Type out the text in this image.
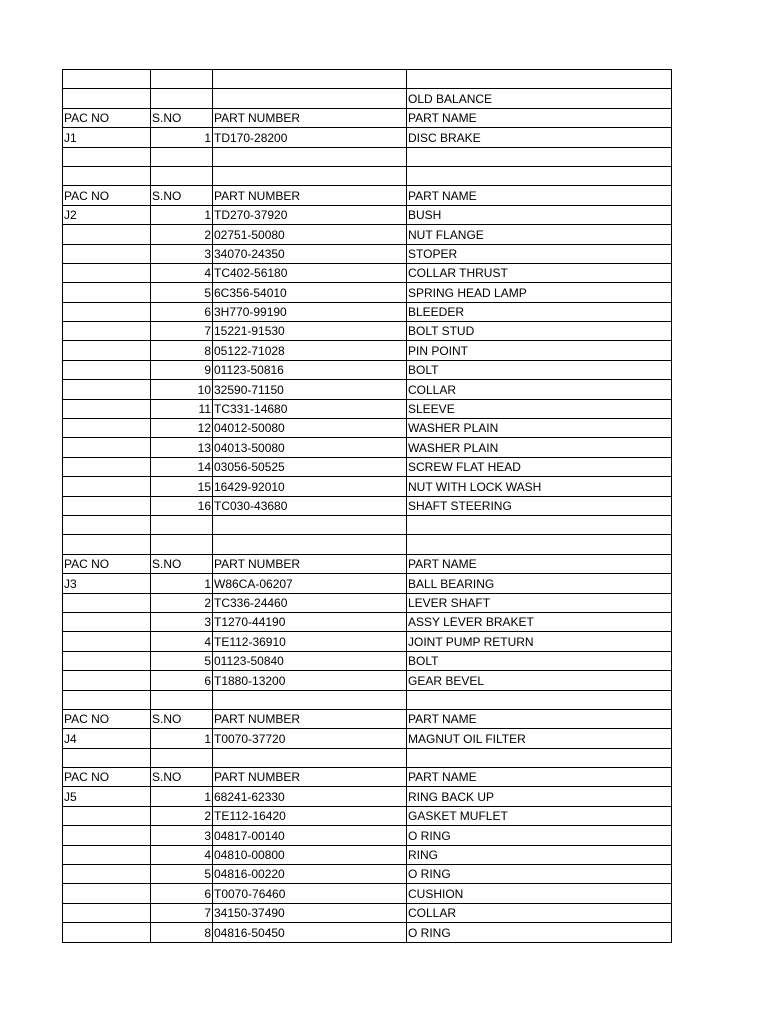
			OLD BALANCE
PAC NO	S.NO	PART NUMBER	PART NAME
J1	1	TD170-28200	DISC BRAKE

PAC NO	S.NO	PART NUMBER	PART NAME
J2	1	TD270-37920	BUSH
	2	02751-50080	NUT FLANGE
	3	34070-24350	STOPER
	4	TC402-56180	COLLAR THRUST
	5	6C356-54010	SPRING HEAD LAMP
	6	3H770-99190	BLEEDER
	7	15221-91530	BOLT STUD
	8	05122-71028	PIN POINT
	9	01123-50816	BOLT
	10	32590-71150	COLLAR
	11	TC331-14680	SLEEVE
	12	04012-50080	WASHER PLAIN
	13	04013-50080	WASHER PLAIN
	14	03056-50525	SCREW FLAT HEAD
	15	16429-92010	NUT WITH LOCK WASH
	16	TC030-43680	SHAFT STEERING

PAC NO	S.NO	PART NUMBER	PART NAME
J3	1	W86CA-06207	BALL BEARING
	2	TC336-24460	LEVER SHAFT
	3	T1270-44190	ASSY LEVER BRAKET
	4	TE112-36910	JOINT PUMP RETURN
	5	01123-50840	BOLT
	6	T1880-13200	GEAR BEVEL

PAC NO	S.NO	PART NUMBER	PART NAME
J4	1	T0070-37720	MAGNUT OIL FILTER

PAC NO	S.NO	PART NUMBER	PART NAME
J5	1	68241-62330	RING BACK UP
	2	TE112-16420	GASKET MUFLET
	3	04817-00140	O RING
	4	04810-00800	RING
	5	04816-00220	O RING
	6	T0070-76460	CUSHION
	7	34150-37490	COLLAR
	8	04816-50450	O RING
